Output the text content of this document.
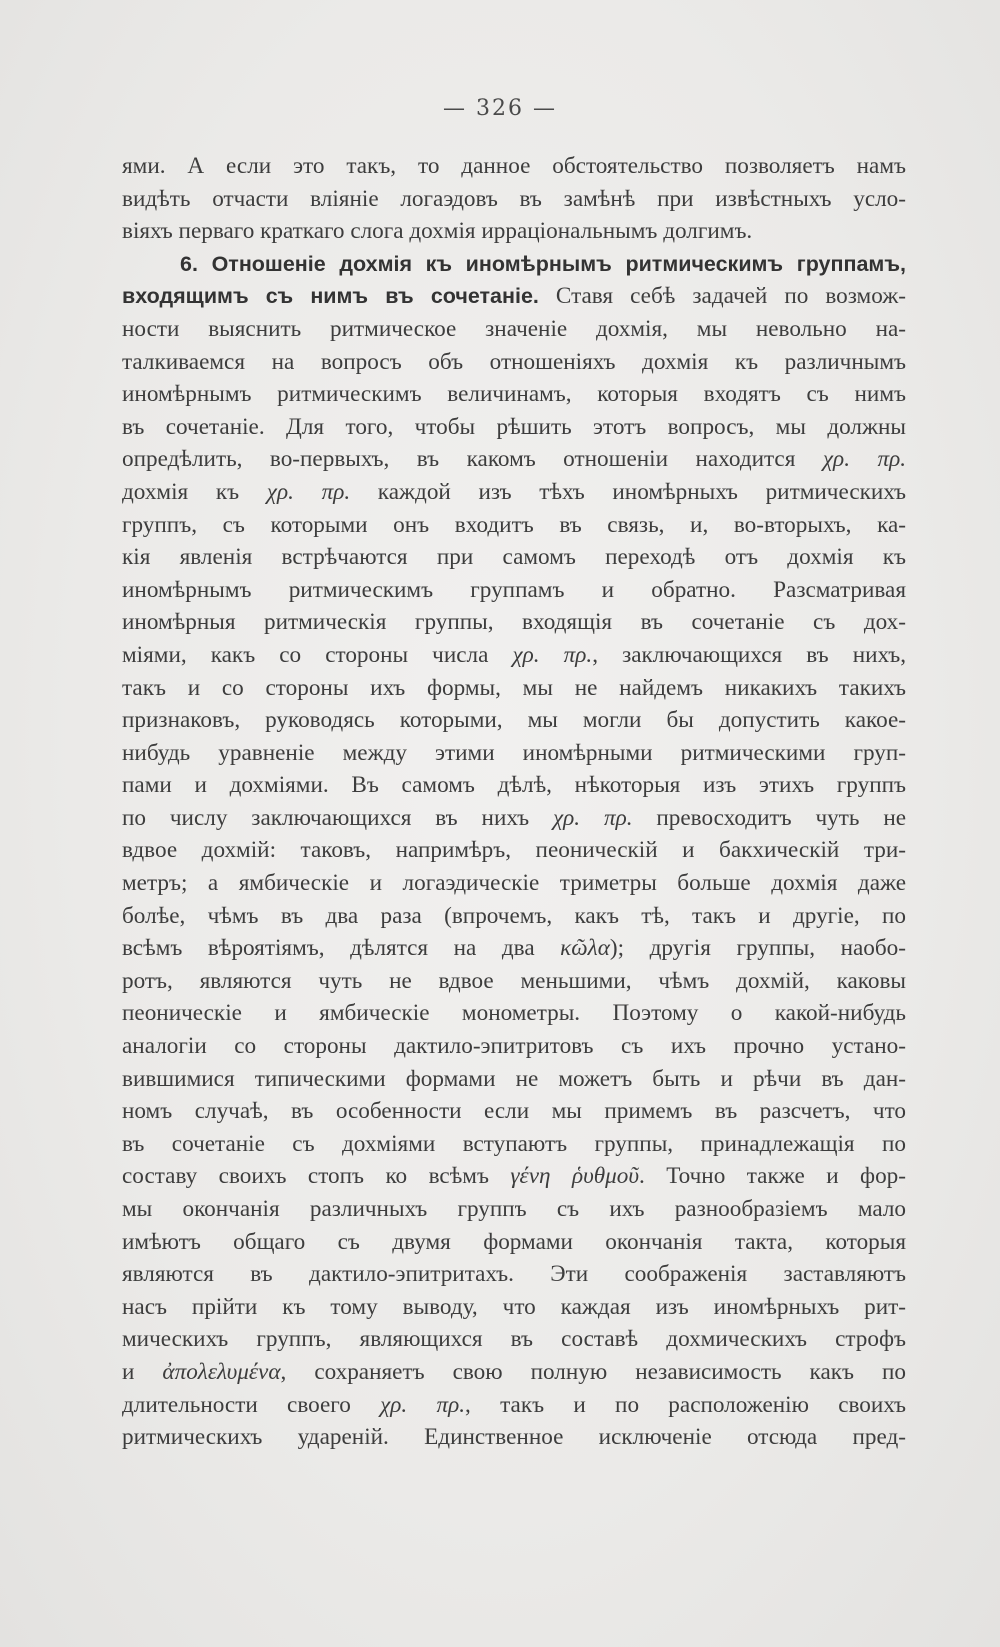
— 326 —
ями. А если это такъ, то данное обстоятельство позволяетъ намъ
видѣть отчасти вліяніе логаэдовъ въ замѣнѣ при извѣстныхъ усло-
віяхъ перваго краткаго слога дохмія ирраціональнымъ долгимъ.
6. Отношеніе дохмія къ иномѣрнымъ ритмическимъ группамъ,
входящимъ съ нимъ въ сочетаніе. Ставя себѣ задачей по возмож-
ности выяснить ритмическое значеніе дохмія, мы невольно на-
талкиваемся на вопросъ объ отношеніяхъ дохмія къ различнымъ
иномѣрнымъ ритмическимъ величинамъ, которыя входятъ съ нимъ
въ сочетаніе. Для того, чтобы рѣшить этотъ вопросъ, мы должны
опредѣлить, во-первыхъ, въ какомъ отношеніи находится χρ. πρ.
дохмія къ χρ. πρ. каждой изъ тѣхъ иномѣрныхъ ритмическихъ
группъ, съ которыми онъ входитъ въ связь, и, во-вторыхъ, ка-
кія явленія встрѣчаются при самомъ переходѣ отъ дохмія къ
иномѣрнымъ ритмическимъ группамъ и обратно. Разсматривая
иномѣрныя ритмическія группы, входящія въ сочетаніе съ дох-
міями, какъ со стороны числа χρ. πρ., заключающихся въ нихъ,
такъ и со стороны ихъ формы, мы не найдемъ никакихъ такихъ
признаковъ, руководясь которыми, мы могли бы допустить какое-
нибудь уравненіе между этими иномѣрными ритмическими груп-
пами и дохміями. Въ самомъ дѣлѣ, нѣкоторыя изъ этихъ группъ
по числу заключающихся въ нихъ χρ. πρ. превосходитъ чуть не
вдвое дохмій: таковъ, напримѣръ, пеоническій и бакхическій три-
метръ; а ямбическіе и логаэдическіе триметры больше дохмія даже
болѣе, чѣмъ въ два раза (впрочемъ, какъ тѣ, такъ и другіе, по
всѣмъ вѣроятіямъ, дѣлятся на два κῶλα); другія группы, наобо-
ротъ, являются чуть не вдвое меньшими, чѣмъ дохмій, каковы
пеоническіе и ямбическіе монометры. Поэтому о какой-нибудь
аналогіи со стороны дактило-эпитритовъ съ ихъ прочно устано-
вившимися типическими формами не можетъ быть и рѣчи въ дан-
номъ случаѣ, въ особенности если мы примемъ въ разсчетъ, что
въ сочетаніе съ дохміями вступаютъ группы, принадлежащія по
составу своихъ стопъ ко всѣмъ γένη ῥυθμοῦ. Точно также и фор-
мы окончанія различныхъ группъ съ ихъ разнообразіемъ мало
имѣютъ общаго съ двумя формами окончанія такта, которыя
являются въ дактило-эпитритахъ. Эти соображенія заставляютъ
насъ прійти къ тому выводу, что каждая изъ иномѣрныхъ рит-
мическихъ группъ, являющихся въ составѣ дохмическихъ строфъ
и ἀπολελυμένα, сохраняетъ свою полную независимость какъ по
длительности своего χρ. πρ., такъ и по расположенію своихъ
ритмическихъ удареній. Единственное исключеніе отсюда пред-
